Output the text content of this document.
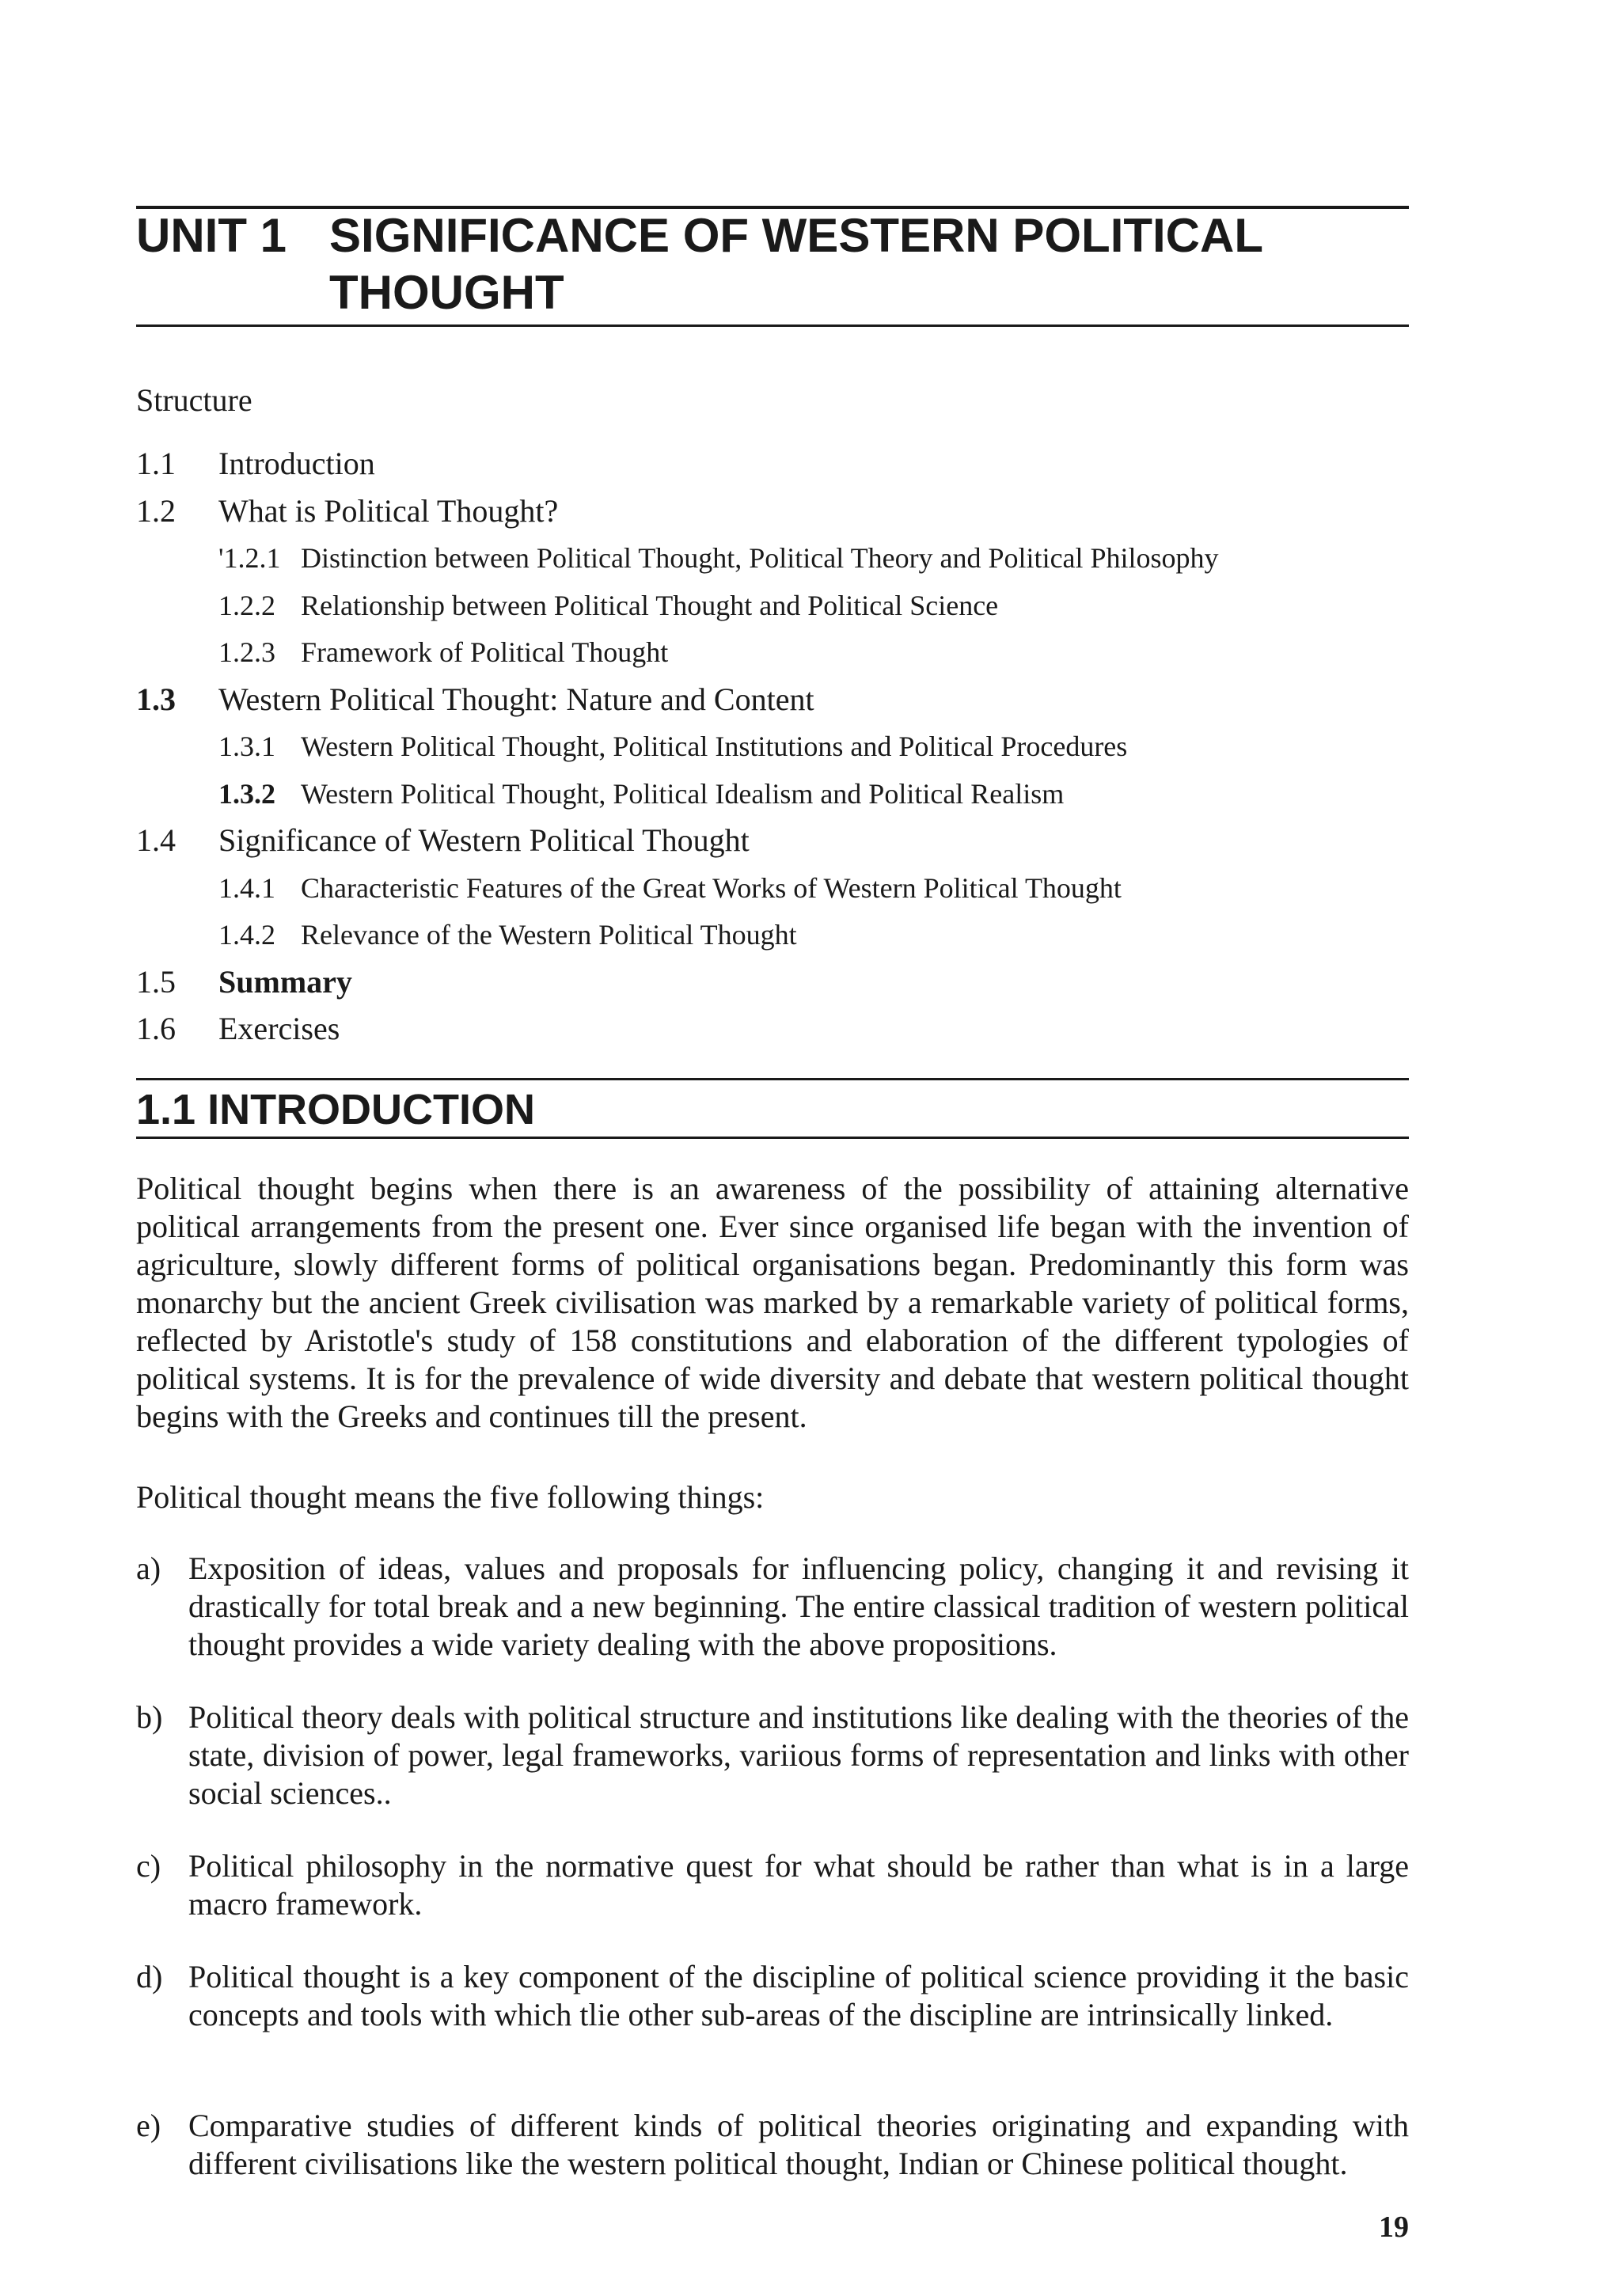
UNIT 1 SIGNIFICANCE OF WESTERN POLITICAL THOUGHT
Structure
1.1 Introduction
1.2 What is Political Thought?
'1.2.1 Distinction between Political Thought, Political Theory and Political Philosophy
1.2.2 Relationship between Political Thought and Political Science
1.2.3 Framework of Political Thought
1.3 Western Political Thought: Nature and Content
1.3.1 Western Political Thought, Political Institutions and Political Procedures
1.3.2 Western Political Thought, Political Idealism and Political Realism
1.4 Significance of Western Political Thought
1.4.1 Characteristic Features of the Great Works of Western Political Thought
1.4.2 Relevance of the Western Political Thought
1.5 Summary
1.6 Exercises
1.1 INTRODUCTION

Political thought begins when there is an awareness of the possibility of attaining alternative political arrangements from the present one. Ever since organised life began with the invention of agriculture, slowly different forms of political organisations began. Predominantly this form was monarchy but the ancient Greek civilisation was marked by a remarkable variety of political forms, reflected by Aristotle's study of 158 constitutions and elaboration of the different typologies of political systems. It is for the prevalence of wide diversity and debate that western political thought begins with the Greeks and continues till the present.

Political thought means the five following things:

a) Exposition of ideas, values and proposals for influencing policy, changing it and revising it drastically for total break and a new beginning. The entire classical tradition of western political thought provides a wide variety dealing with the above propositions.

b) Political theory deals with political structure and institutions like dealing with the theories of the state, division of power, legal frameworks, variious forms of representation and links with other social sciences..

c) Political philosophy in the normative quest for what should be rather than what is in a large macro framework.

d) Political thought is a key component of the discipline of political science providing it the basic concepts and tools with which tlie other sub-areas of the discipline are intrinsically linked.

e) Comparative studies of different kinds of political theories originating and expanding with different civilisations like the western political thought, Indian or Chinese political thought.

19
